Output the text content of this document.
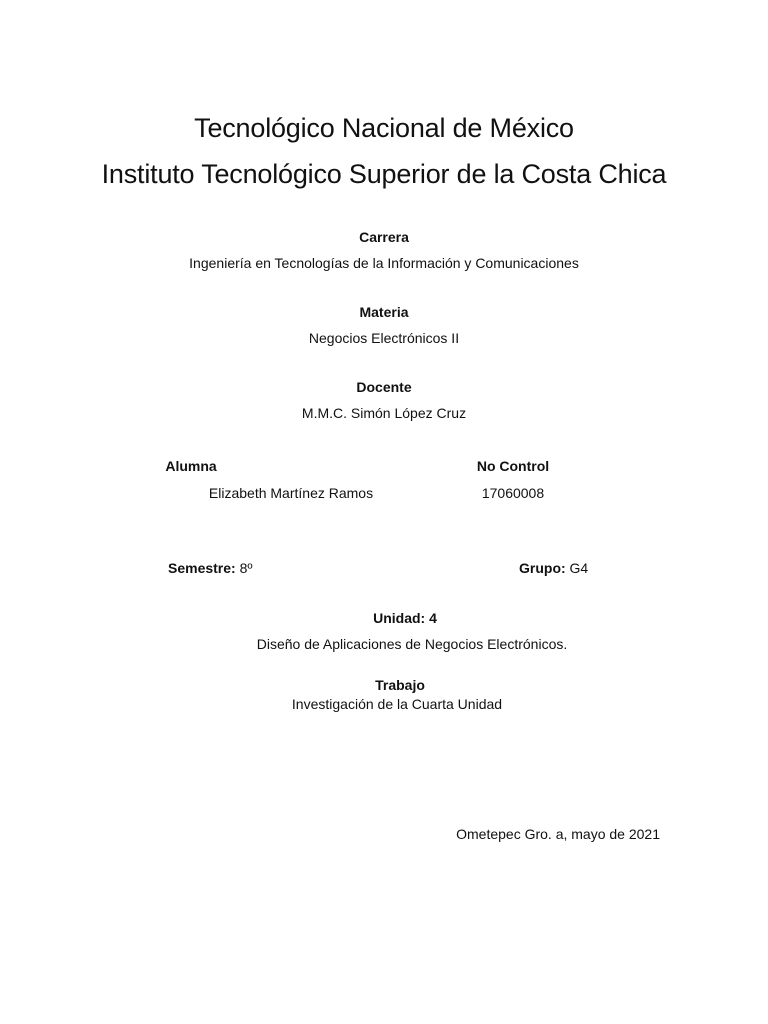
Tecnológico Nacional de México
Instituto Tecnológico Superior de la Costa Chica
Carrera
Ingeniería en Tecnologías de la Información y Comunicaciones
Materia
Negocios Electrónicos II
Docente
M.M.C. Simón López Cruz
Alumna
Elizabeth Martínez Ramos
No Control
17060008
Semestre: 8º	Grupo: G4
Unidad: 4
Diseño de Aplicaciones de Negocios Electrónicos.
Trabajo
Investigación de la Cuarta Unidad
Ometepec Gro. a, mayo de 2021
